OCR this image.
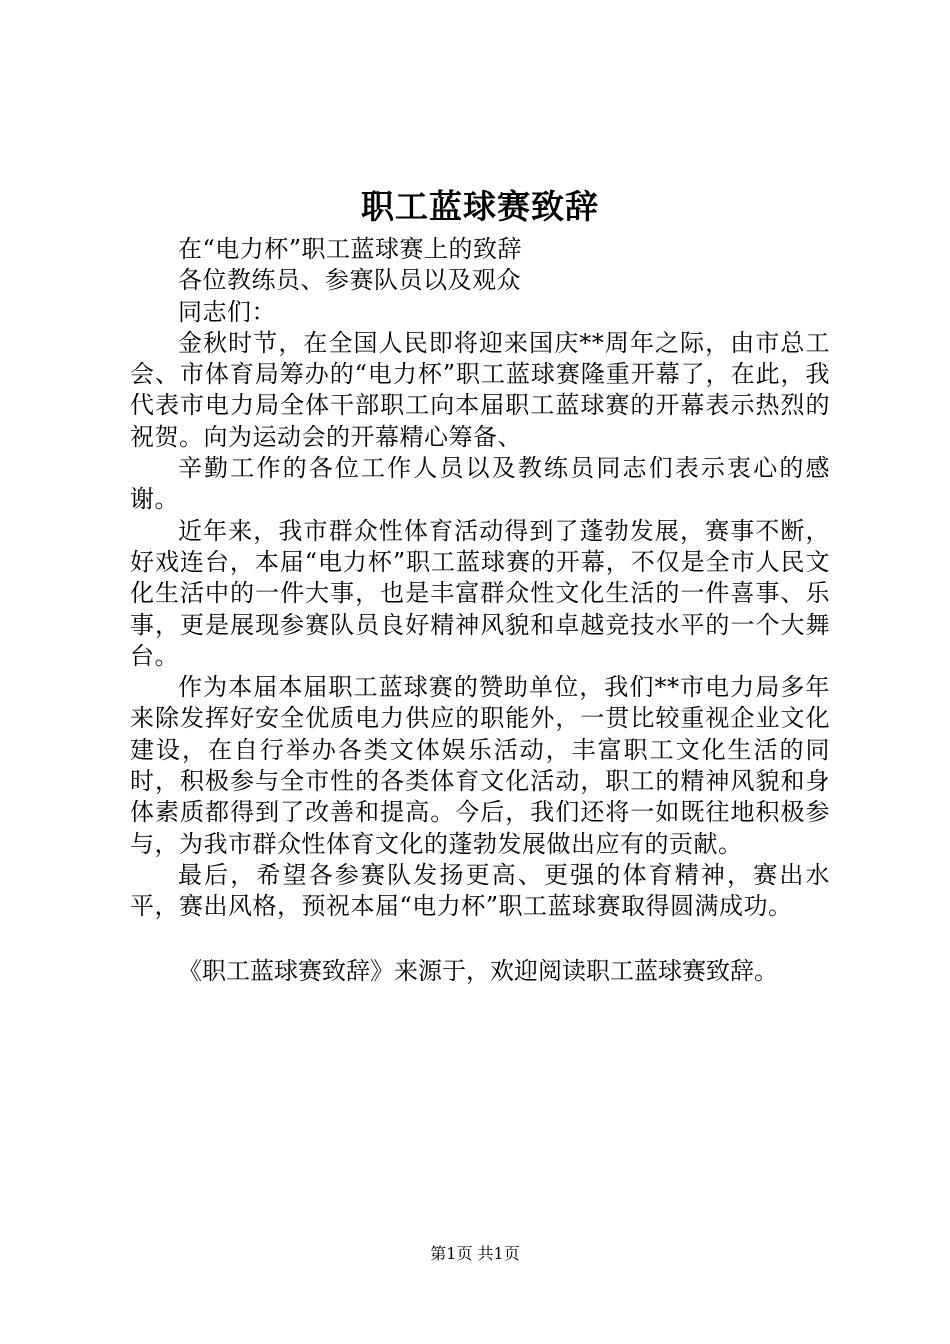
职工蓝球赛致辞

在“电力杯”职工蓝球赛上的致辞

各位教练员、参赛队员以及观众

同志们：

金秋时节，在全国人民即将迎来国庆**周年之际，由市总工会、市体育局筹办的“电力杯”职工蓝球赛隆重开幕了，在此，我代表市电力局全体干部职工向本届职工蓝球赛的开幕表示热烈的祝贺。向为运动会的开幕精心筹备、

辛勤工作的各位工作人员以及教练员同志们表示衷心的感谢。

近年来，我市群众性体育活动得到了蓬勃发展，赛事不断，好戏连台，本届“电力杯”职工蓝球赛的开幕，不仅是全市人民文化生活中的一件大事，也是丰富群众性文化生活的一件喜事、乐事，更是展现参赛队员良好精神风貌和卓越竞技水平的一个大舞台。

作为本届本届职工蓝球赛的赞助单位，我们**市电力局多年来除发挥好安全优质电力供应的职能外，一贯比较重视企业文化建设，在自行举办各类文体娱乐活动，丰富职工文化生活的同时，积极参与全市性的各类体育文化活动，职工的精神风貌和身体素质都得到了改善和提高。今后，我们还将一如既往地积极参与，为我市群众性体育文化的蓬勃发展做出应有的贡献。

最后，希望各参赛队发扬更高、更强的体育精神，赛出水平，赛出风格，预祝本届“电力杯”职工蓝球赛取得圆满成功。

《职工蓝球赛致辞》来源于，欢迎阅读职工蓝球赛致辞。

第1页 共1页
